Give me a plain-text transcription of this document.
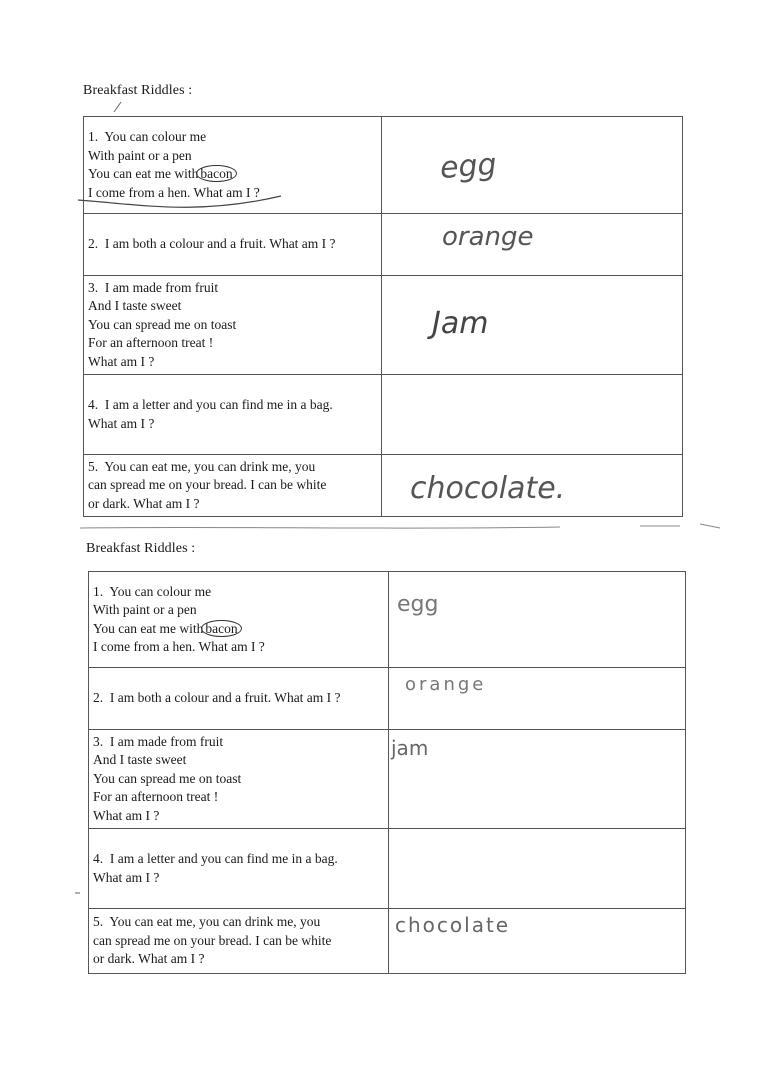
Breakfast Riddles :
1. You can colour me
With paint or a pen
You can eat me with bacon
I come from a hen. What am I ?	egg

2. I am both a colour and a fruit. What am I ?	orange

3. I am made from fruit
And I taste sweet
You can spread me on toast
For an afternoon treat !
What am I ?	Jam

4. I am a letter and you can find me in a bag.
What am I ?	

5. You can eat me, you can drink me, you
can spread me on your bread. I can be white
or dark. What am I ?	chocolate.
Breakfast Riddles :
1. You can colour me
With paint or a pen
You can eat me with bacon
I come from a hen. What am I ?	egg

2. I am both a colour and a fruit. What am I ?	orange

3. I am made from fruit
And I taste sweet
You can spread me on toast
For an afternoon treat !
What am I ?	jam

4. I am a letter and you can find me in a bag.
What am I ?	

5. You can eat me, you can drink me, you
can spread me on your bread. I can be white
or dark. What am I ?	chocolate
